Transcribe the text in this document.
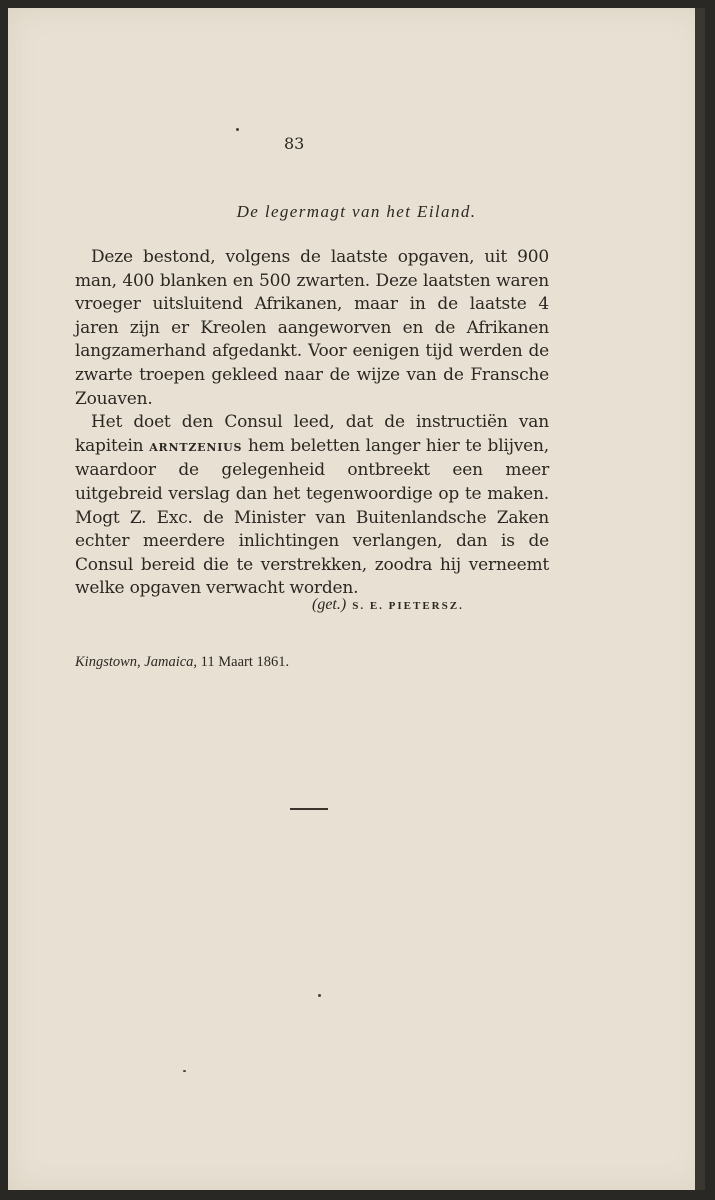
83
De legermagt van het Eiland.

Deze bestond, volgens de laatste opgaven, uit 900 man, 400 blanken en 500 zwarten. Deze laatsten waren vroeger uitsluitend Afrikanen, maar in de laatste 4 jaren zijn er Kreolen aangeworven en de Afrikanen langzamerhand afgedankt. Voor eenigen tijd werden de zwarte troepen gekleed naar de wijze van de Fransche Zouaven.

Het doet den Consul leed, dat de instructiën van kapitein ARNTZENIUS hem beletten langer hier te blijven, waardoor de gelegenheid ontbreekt een meer uitgebreid verslag dan het tegenwoordige op te maken. Mogt Z. Exc. de Minister van Buitenlandsche Zaken echter meerdere inlichtingen verlangen, dan is de Consul bereid die te verstrekken, zoodra hij verneemt welke opgaven verwacht worden.

(get.) S. E. PIETERSZ.
Kingstown, Jamaica, 11 Maart 1861.
